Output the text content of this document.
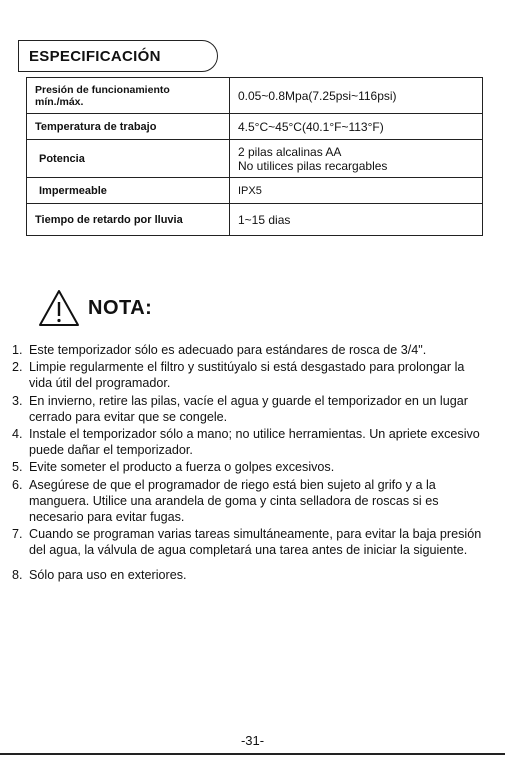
ESPECIFICACIÓN
Presión de funcionamiento
mín./máx.	0.05~0.8Mpa(7.25psi~116psi)

Temperatura de trabajo	4.5°C~45°C(40.1°F~113°F)

Potencia	2 pilas alcalinas AA
No utilices pilas recargables

Impermeable	IPX5

Tiempo de retardo por lluvia	1~15 dias
NOTA:
1. Este temporizador sólo es adecuado para estándares de rosca de 3/4".
2. Limpie regularmente el filtro y sustitúyalo si está desgastado para prolongar la vida útil del programador.
3. En invierno, retire las pilas, vacíe el agua y guarde el temporizador en un lugar cerrado para evitar que se congele.
4. Instale el temporizador sólo a mano; no utilice herramientas. Un apriete excesivo puede dañar el temporizador.
5. Evite someter el producto a fuerza o golpes excesivos.
6. Asegúrese de que el programador de riego está bien sujeto al grifo y a la manguera. Utilice una arandela de goma y cinta selladora de roscas si es necesario para evitar fugas.
7. Cuando se programan varias tareas simultáneamente, para evitar la baja presión del agua, la válvula de agua completará una tarea antes de iniciar la siguiente.
8. Sólo para uso en exteriores.
-31-
